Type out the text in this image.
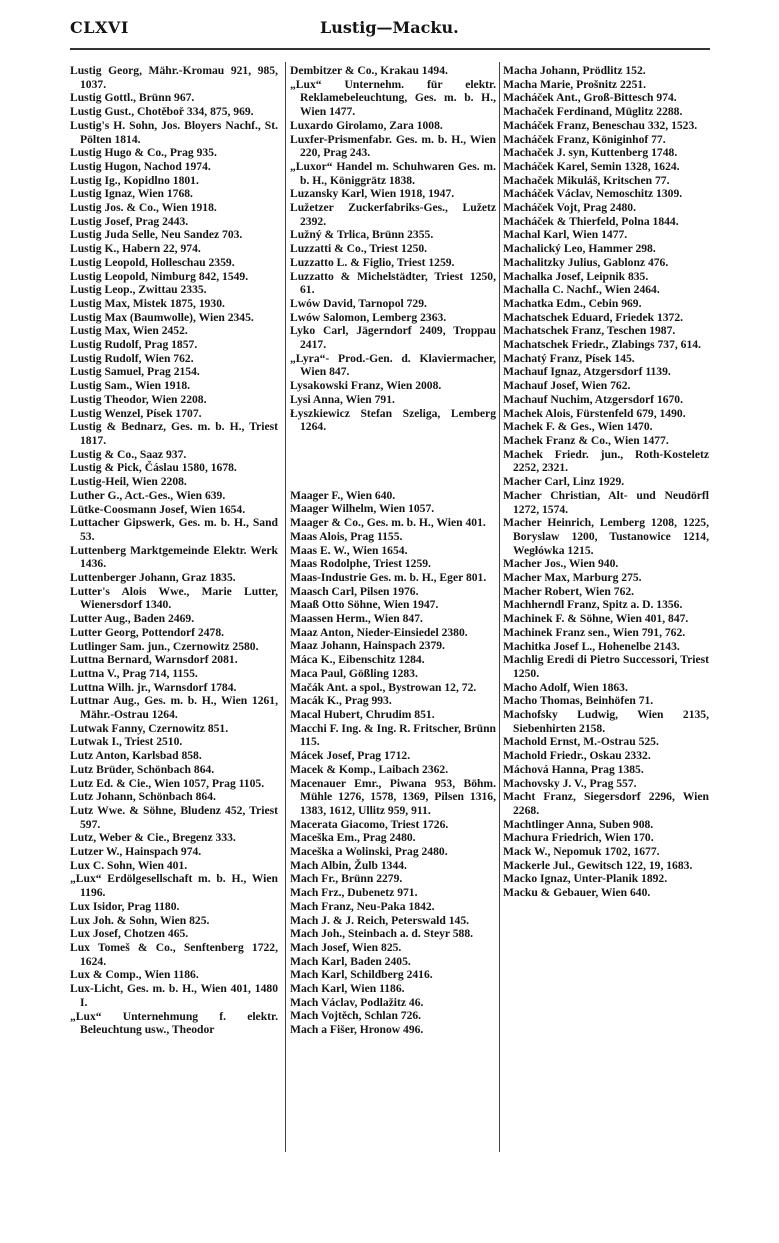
CLXVI	Lustig—Macku.
Lustig Georg, Mähr.-Kromau 921, 985, 1037.
Lustig Gottl., Brünn 967.
Lustig Gust., Chotěboř 334, 875, 969.
Lustig's H. Sohn, Jos. Bloyers Nachf., St. Pölten 1814.
Lustig Hugo & Co., Prag 935.
Lustig Hugon, Nachod 1974.
Lustig Ig., Kopidlno 1801.
Lustig Ignaz, Wien 1768.
Lustig Jos. & Co., Wien 1918.
Lustig Josef, Prag 2443.
Lustig Juda Selle, Neu Sandez 703.
Lustig K., Habern 22, 974.
Lustig Leopold, Holleschau 2359.
Lustig Leopold, Nimburg 842, 1549.
Lustig Leop., Zwittau 2335.
Lustig Max, Mistek 1875, 1930.
Lustig Max (Baumwolle), Wien 2345.
Lustig Max, Wien 2452.
Lustig Rudolf, Prag 1857.
Lustig Rudolf, Wien 762.
Lustig Samuel, Prag 2154.
Lustig Sam., Wien 1918.
Lustig Theodor, Wien 2208.
Lustig Wenzel, Písek 1707.
Lustig & Bednarz, Ges. m. b. H., Triest 1817.
Lustig & Co., Saaz 937.
Lustig & Pick, Čáslau 1580, 1678.
Lustig-Heil, Wien 2208.
Luther G., Act.-Ges., Wien 639.
Lütke-Coosmann Josef, Wien 1654.
Luttacher Gipswerk, Ges. m. b. H., Sand 53.
Luttenberg Marktgemeinde Elektr. Werk 1436.
Luttenberger Johann, Graz 1835.
Lutter's Alois Wwe., Marie Lutter, Wienersdorf 1340.
Lutter Aug., Baden 2469.
Lutter Georg, Pottendorf 2478.
Lutlinger Sam. jun., Czernowitz 2580.
Luttna Bernard, Warnsdorf 2081.
Luttna V., Prag 714, 1155.
Luttna Wilh. jr., Warnsdorf 1784.
Luttnar Aug., Ges. m. b. H., Wien 1261, Mähr.-Ostrau 1264.
Lutwak Fanny, Czernowitz 851.
Lutwak I., Triest 2510.
Lutz Anton, Karlsbad 858.
Lutz Brüder, Schönbach 864.
Lutz Ed. & Cie., Wien 1057, Prag 1105.
Lutz Johann, Schönbach 864.
Lutz Wwe. & Söhne, Bludenz 452, Triest 597.
Lutz, Weber & Cie., Bregenz 333.
Lutzer W., Hainspach 974.
Lux C. Sohn, Wien 401.
„Lux“ Erdölgesellschaft m. b. H., Wien 1196.
Lux Isidor, Prag 1180.
Lux Joh. & Sohn, Wien 825.
Lux Josef, Chotzen 465.
Lux Tomeš & Co., Senftenberg 1722, 1624.
Lux & Comp., Wien 1186.
Lux-Licht, Ges. m. b. H., Wien 401, 1480 I.
„Lux“ Unternehmung f. elektr. Beleuchtung usw., Theodor
Dembitzer & Co., Krakau 1494.
„Lux“ Unternehm. für elektr. Reklamebeleuchtung, Ges. m. b. H., Wien 1477.
Luxardo Girolamo, Zara 1008.
Luxfer-Prismenfabr. Ges. m. b. H., Wien 220, Prag 243.
„Luxor“ Handel m. Schuhwaren Ges. m. b. H., Königgrätz 1838.
Luzansky Karl, Wien 1918, 1947.
Lužetzer Zuckerfabriks-Ges., Lužetz 2392.
Lužný & Trlica, Brünn 2355.
Luzzatti & Co., Triest 1250.
Luzzatto L. & Figlio, Triest 1259.
Luzzatto & Michelstädter, Triest 1250, 61.
Lwów David, Tarnopol 729.
Lwów Salomon, Lemberg 2363.
Lyko Carl, Jägerndorf 2409, Troppau 2417.
„Lyra“- Prod.-Gen. d. Klaviermacher, Wien 847.
Lysakowski Franz, Wien 2008.
Lysi Anna, Wien 791.
Łyszkiewicz Stefan Szeliga, Lemberg 1264.
Maager F., Wien 640.
Maager Wilhelm, Wien 1057.
Maager & Co., Ges. m. b. H., Wien 401.
Maas Alois, Prag 1155.
Maas E. W., Wien 1654.
Maas Rodolphe, Triest 1259.
Maas-Industrie Ges. m. b. H., Eger 801.
Maasch Carl, Pilsen 1976.
Maaß Otto Söhne, Wien 1947.
Maassen Herm., Wien 847.
Maaz Anton, Nieder-Einsiedel 2380.
Maaz Johann, Hainspach 2379.
Máca K., Eibenschitz 1284.
Maca Paul, Gößling 1283.
Mačák Ant. a spol., Bystrowan 12, 72.
Macák K., Prag 993.
Macal Hubert, Chrudim 851.
Macchi F. Ing. & Ing. R. Fritscher, Brünn 115.
Mácek Josef, Prag 1712.
Macek & Komp., Laibach 2362.
Macenauer Emr., Piwana 953, Böhm. Mühle 1276, 1578, 1369, Pilsen 1316, 1383, 1612, Ullitz 959, 911.
Macerata Giacomo, Triest 1726.
Maceška Em., Prag 2480.
Maceška a Wolinski, Prag 2480.
Mach Albin, Žulb 1344.
Mach Fr., Brünn 2279.
Mach Frz., Dubenetz 971.
Mach Franz, Neu-Paka 1842.
Mach J. & J. Reich, Peterswald 145.
Mach Joh., Steinbach a. d. Steyr 588.
Mach Josef, Wien 825.
Mach Karl, Baden 2405.
Mach Karl, Schildberg 2416.
Mach Karl, Wien 1186.
Mach Václav, Podlažitz 46.
Mach Vojtěch, Schlan 726.
Mach a Fišer, Hronow 496.
Macha Johann, Prödlitz 152.
Macha Marie, Prošnitz 2251.
Macháček Ant., Groß-Bittesch 974.
Machaček Ferdinand, Müglitz 2288.
Macháček Franz, Beneschau 332, 1523.
Macháček Franz, Königinhof 77.
Machaček J. syn, Kuttenberg 1748.
Macháček Karel, Semin 1328, 1624.
Machaček Mikuláš, Kritschen 77.
Macháček Václav, Nemoschitz 1309.
Macháček Vojt, Prag 2480.
Macháček & Thierfeld, Polna 1844.
Machal Karl, Wien 1477.
Machalický Leo, Hammer 298.
Machalitzky Julius, Gablonz 476.
Machalka Josef, Leipnik 835.
Machalla C. Nachf., Wien 2464.
Machatka Edm., Cebin 969.
Machatschek Eduard, Friedek 1372.
Machatschek Franz, Teschen 1987.
Machatschek Friedr., Zlabings 737, 614.
Machatý Franz, Písek 145.
Machauf Ignaz, Atzgersdorf 1139.
Machauf Josef, Wien 762.
Machauf Nuchim, Atzgersdorf 1670.
Machek Alois, Fürstenfeld 679, 1490.
Machek F. & Ges., Wien 1470.
Machek Franz & Co., Wien 1477.
Machek Friedr. jun., Roth-Kosteletz 2252, 2321.
Macher Carl, Linz 1929.
Macher Christian, Alt- und Neudörfl 1272, 1574.
Macher Heinrich, Lemberg 1208, 1225, Boryslaw 1200, Tustanowice 1214, Wegłówka 1215.
Macher Jos., Wien 940.
Macher Max, Marburg 275.
Macher Robert, Wien 762.
Machherndl Franz, Spitz a. D. 1356.
Machinek F. & Söhne, Wien 401, 847.
Machinek Franz sen., Wien 791, 762.
Machitka Josef L., Hohenelbe 2143.
Machlig Eredi di Pietro Successori, Triest 1250.
Macho Adolf, Wien 1863.
Macho Thomas, Beinhöfen 71.
Machofsky Ludwig, Wien 2135, Siebenhirten 2158.
Machold Ernst, M.-Ostrau 525.
Machold Friedr., Oskau 2332.
Máchová Hanna, Prag 1385.
Machovsky J. V., Prag 557.
Macht Franz, Siegersdorf 2296, Wien 2268.
Machtlinger Anna, Suben 908.
Machura Friedrich, Wien 170.
Mack W., Nepomuk 1702, 1677.
Mackerle Jul., Gewitsch 122, 19, 1683.
Macko Ignaz, Unter-Planik 1892.
Macku & Gebauer, Wien 640.
